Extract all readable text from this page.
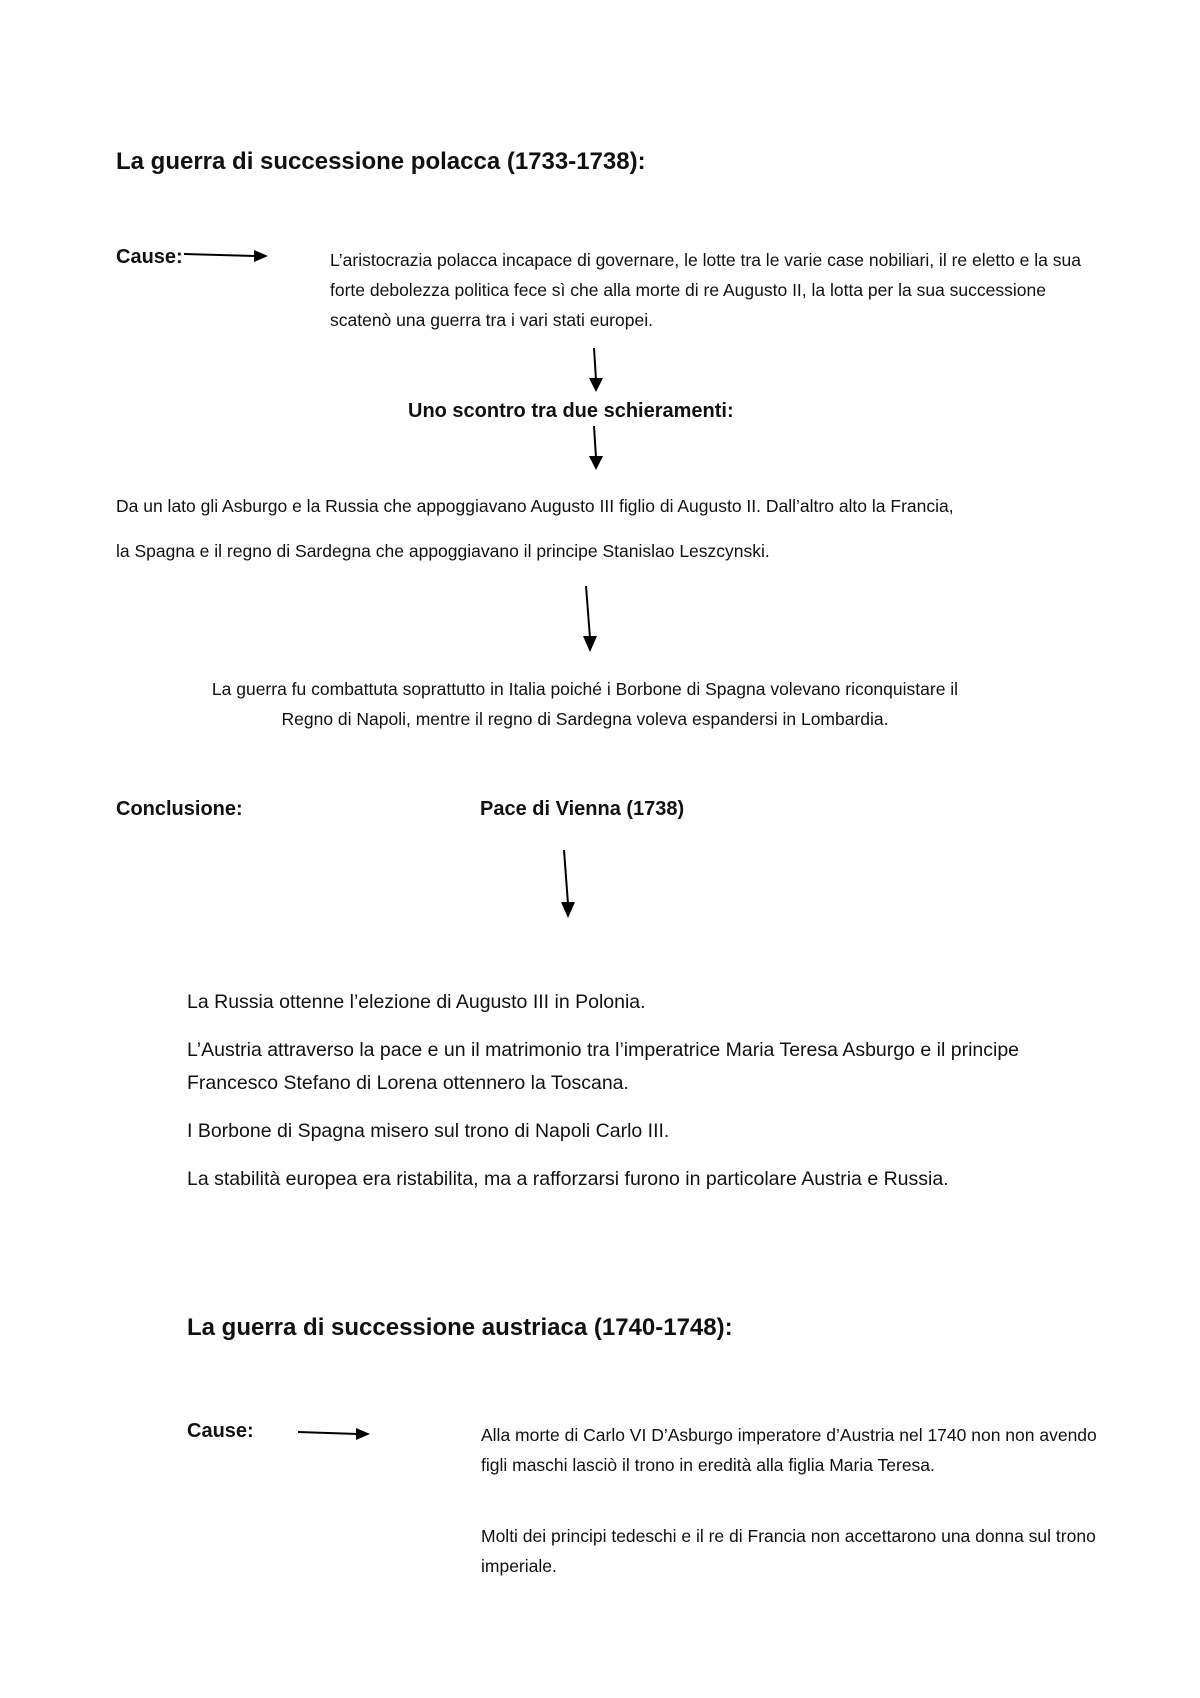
La guerra di successione polacca (1733-1738):
Cause:	L’aristocrazia polacca incapace di governare, le lotte tra le varie case nobiliari, il re eletto e la sua forte debolezza politica fece sì che alla morte di re Augusto II, la lotta per la sua successione scatenò una guerra tra i vari stati europei.
Uno scontro tra due schieramenti:
Da un lato gli Asburgo e la Russia che appoggiavano Augusto III figlio di Augusto II. Dall’altro alto la Francia,
la Spagna e il regno di Sardegna che appoggiavano il principe Stanislao Leszcynski.
La guerra fu combattuta soprattutto in Italia poiché i Borbone di Spagna volevano riconquistare il Regno di Napoli, mentre il regno di Sardegna voleva espandersi in Lombardia.
Conclusione:	Pace di Vienna (1738)
La Russia ottenne l’elezione di Augusto III in Polonia.
L’Austria attraverso la pace e un il matrimonio tra l’imperatrice Maria Teresa Asburgo e il principe Francesco Stefano di Lorena ottennero la Toscana.
I Borbone di Spagna misero sul trono di Napoli Carlo III.
La stabilità europea era ristabilita, ma a rafforzarsi furono in particolare Austria e Russia.
La guerra di successione austriaca (1740-1748):
Cause:	Alla morte di Carlo VI D’Asburgo imperatore d’Austria nel 1740 non non avendo figli maschi lasciò il trono in eredità alla figlia Maria Teresa.
Molti dei principi tedeschi e il re di Francia non accettarono una donna sul trono imperiale.
